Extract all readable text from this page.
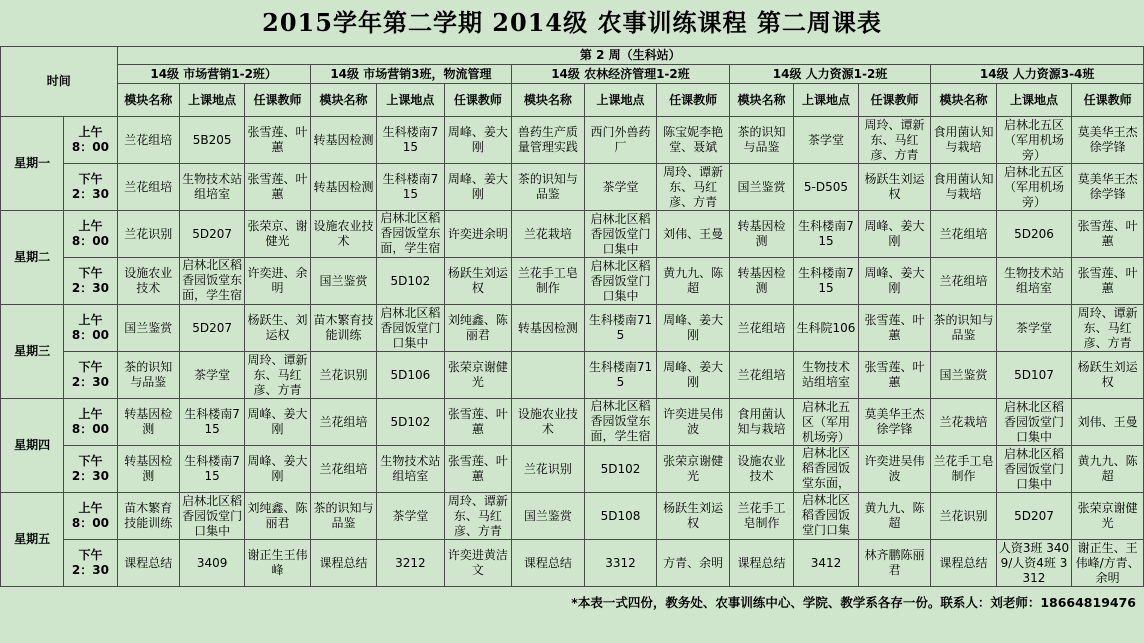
2015学年第二学期 2014级 农事训练课程 第二周课表
时间		第 2 周（生科站）														
		14级 市场营销1-2班）			14级 市场营销3班，物流管理			14级 农林经济管理1-2班			14级 人力资源1-2班			14级 人力资源3-4班		
		模块名称	上课地点	任课教师	模块名称	上课地点	任课教师	模块名称	上课地点	任课教师	模块名称	上课地点	任课教师	模块名称	上课地点	任课教师
星期一	上午
8：00	兰花组培	5B205	张雪莲、叶蕙	转基因检测	生科楼南715	周峰、姜大刚	兽药生产质量管理实践	西门外兽药厂	陈宝妮李艳堂、聂斌	茶的识知与品鉴	茶学堂	周玲、谭新东、马红彦、方青	食用菌认知与栽培	启林北五区（军用机场旁）	莫美华王杰徐学锋

	下午
2：30	兰花组培	生物技术站组培室	张雪莲、叶蕙	转基因检测	生科楼南715	周峰、姜大刚	茶的识知与品鉴	茶学堂	周玲、谭新东、马红彦、方青	国兰鉴赏	5-D505	杨跃生刘运权	食用菌认知与栽培	启林北五区（军用机场旁）	莫美华王杰徐学锋

星期二	上午
8：00	兰花识别	5D207	张荣京、谢健光	设施农业技术	启林北区稻香园饭堂东面，学生宿	许奕进余明	兰花栽培	启林北区稻香园饭堂门口集中	刘伟、王曼	转基因检测	生科楼南715	周峰、姜大刚	兰花组培	5D206	张雪莲、叶蕙

	下午
2：30	设施农业技术	启林北区稻香园饭堂东面，学生宿	许奕进、余明	国兰鉴赏	5D102	杨跃生刘运权	兰花手工皂制作	启林北区稻香园饭堂门口集中	黄九九、陈超	转基因检测	生科楼南715	周峰、姜大刚	兰花组培	生物技术站组培室	张雪莲、叶蕙

星期三	上午
8：00	国兰鉴赏	5D207	杨跃生、刘运权	苗木繁育技能训练	启林北区稻香园饭堂门口集中	刘纯鑫、陈丽君	转基因检测	生科楼南715	周峰、姜大刚	兰花组培	生科院106	张雪莲、叶蕙	茶的识知与品鉴	茶学堂	周玲、谭新东、马红彦、方青

	下午
2：30	茶的识知与品鉴	茶学堂	周玲、谭新东、马红彦、方青	兰花识别	5D106	张荣京谢健光		生科楼南715	周峰、姜大刚	兰花组培	生物技术站组培室	张雪莲、叶蕙	国兰鉴赏	5D107	杨跃生刘运权

星期四	上午
8：00	转基因检测	生科楼南715	周峰、姜大刚	兰花组培	5D102	张雪莲、叶蕙	设施农业技术	启林北区稻香园饭堂东面，学生宿	许奕进吴伟波	食用菌认知与栽培	启林北五区（军用机场旁）	莫美华王杰徐学锋	兰花栽培	启林北区稻香园饭堂门口集中	刘伟、王曼

	下午
2：30	转基因检测	生科楼南715	周峰、姜大刚	兰花组培	生物技术站组培室	张雪莲、叶蕙	兰花识别	5D102	张荣京谢健光	设施农业技术	启林北区稻香园饭堂东面，	许奕进吴伟波	兰花手工皂制作	启林北区稻香园饭堂门口集中	黄九九、陈超

星期五	上午
8：00	苗木繁育技能训练	启林北区稻香园饭堂门口集中	刘纯鑫、陈丽君	茶的识知与品鉴	茶学堂	周玲、谭新东、马红彦、方青	国兰鉴赏	5D108	杨跃生刘运权	兰花手工皂制作	启林北区稻香园饭堂门口集	黄九九、陈超	兰花识别	5D207	张荣京谢健光

	下午
2：30	课程总结	3409	谢正生王伟峰	课程总结	3212	许奕进黄洁文	课程总结	3312	方青、余明	课程总结	3412	林齐鹏陈丽君	课程总结	人资3班 3409/人资4班 3312	谢正生、王伟峰/方青、余明
*本表一式四份，教务处、农事训练中心、学院、教学系各存一份。联系人：刘老师：18664819476
